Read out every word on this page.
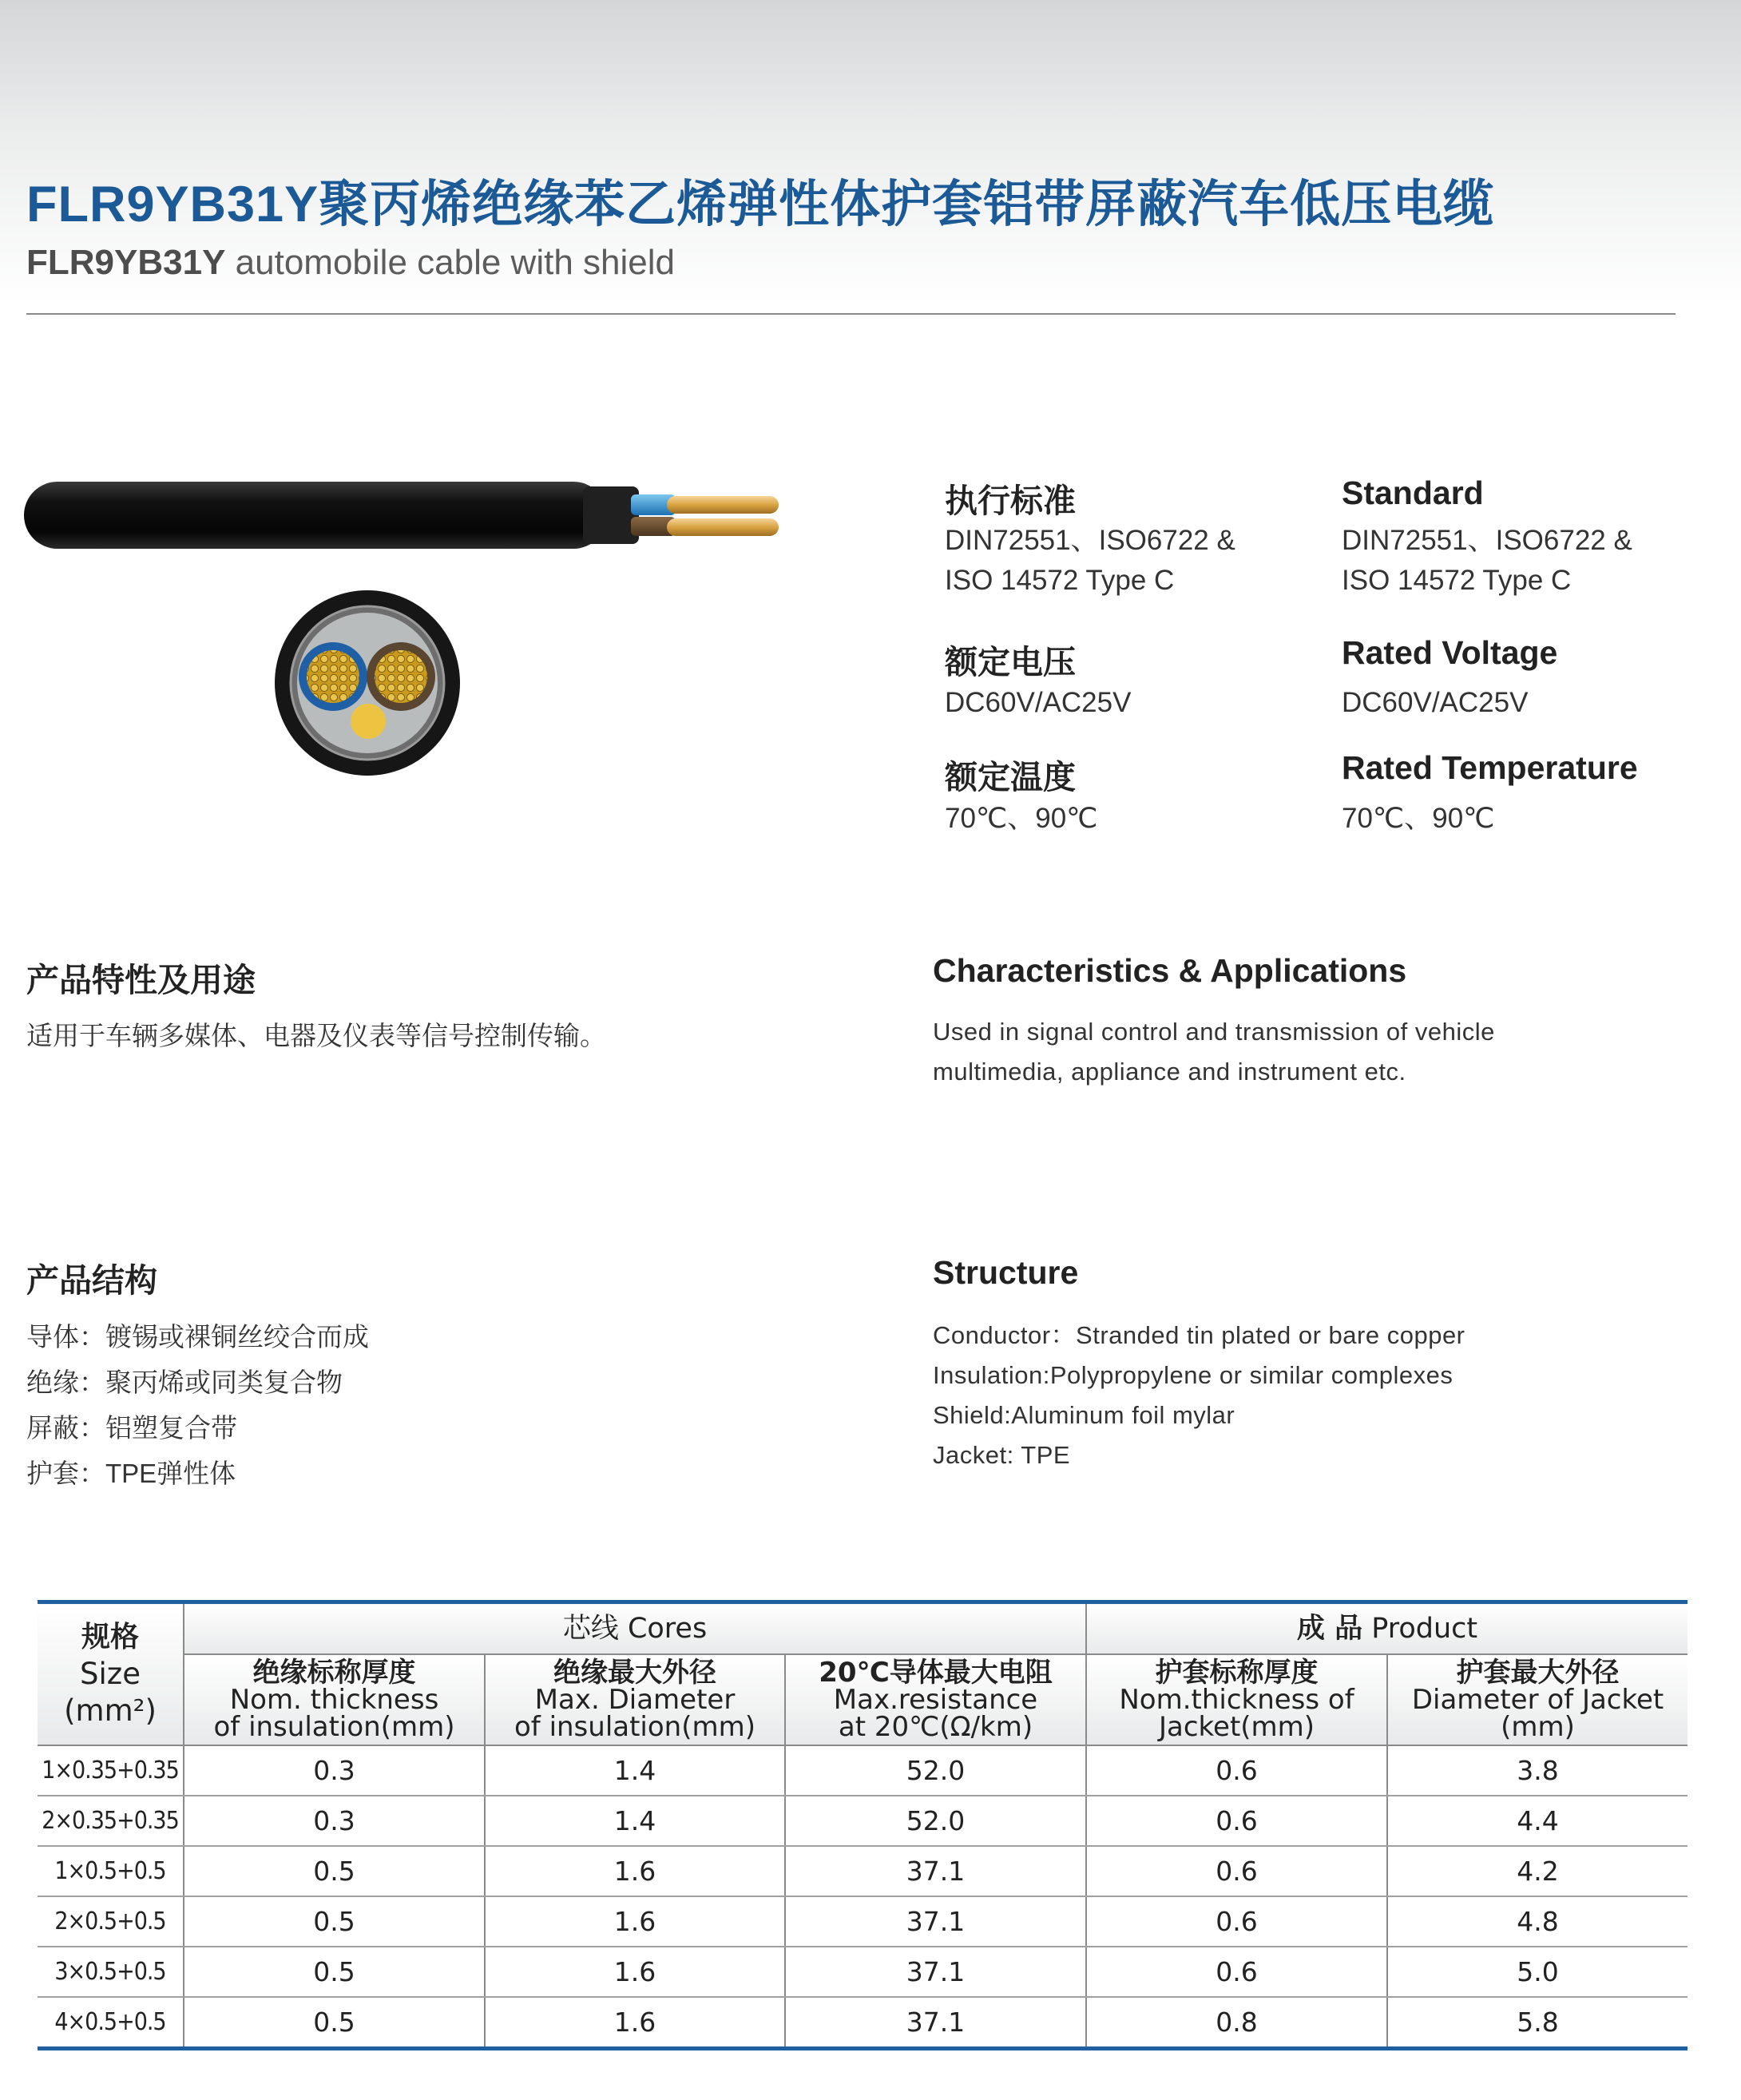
FLR9YB31Y聚丙烯绝缘苯乙烯弹性体护套铝带屏蔽汽车低压电缆
FLR9YB31Y automobile cable with shield
执行标准
DIN72551、ISO6722 &
ISO 14572 Type C
Standard
DIN72551、ISO6722 &
ISO 14572 Type C
额定电压
DC60V/AC25V
Rated Voltage
DC60V/AC25V
额定温度
70℃、90℃
Rated Temperature
70℃、90℃
产品特性及用途
适用于车辆多媒体、电器及仪表等信号控制传输。
Characteristics & Applications
Used in signal control and transmission of vehicle
multimedia, appliance and instrument etc.
产品结构
导体：镀锡或裸铜丝绞合而成
绝缘：聚丙烯或同类复合物
屏蔽：铝塑复合带
护套：TPE弹性体
Structure
Conductor：Stranded tin plated or bare copper
Insulation:Polypropylene or similar complexes
Shield:Aluminum foil mylar
Jacket: TPE
规格
Size
(mm²)	芯线 Cores			成 品 Product	

	绝缘标称厚度
Nom. thickness
of insulation(mm)	绝缘最大外径
Max. Diameter
of insulation(mm)	20℃导体最大电阻
Max.resistance
at 20℃(Ω/km)	护套标称厚度
Nom.thickness of
Jacket(mm)	护套最大外径
Diameter of Jacket
(mm)

1×0.35+0.35	0.3	1.4	52.0	0.6	3.8
2×0.35+0.35	0.3	1.4	52.0	0.6	4.4
1×0.5+0.5	0.5	1.6	37.1	0.6	4.2
2×0.5+0.5	0.5	1.6	37.1	0.6	4.8
3×0.5+0.5	0.5	1.6	37.1	0.6	5.0
4×0.5+0.5	0.5	1.6	37.1	0.8	5.8
